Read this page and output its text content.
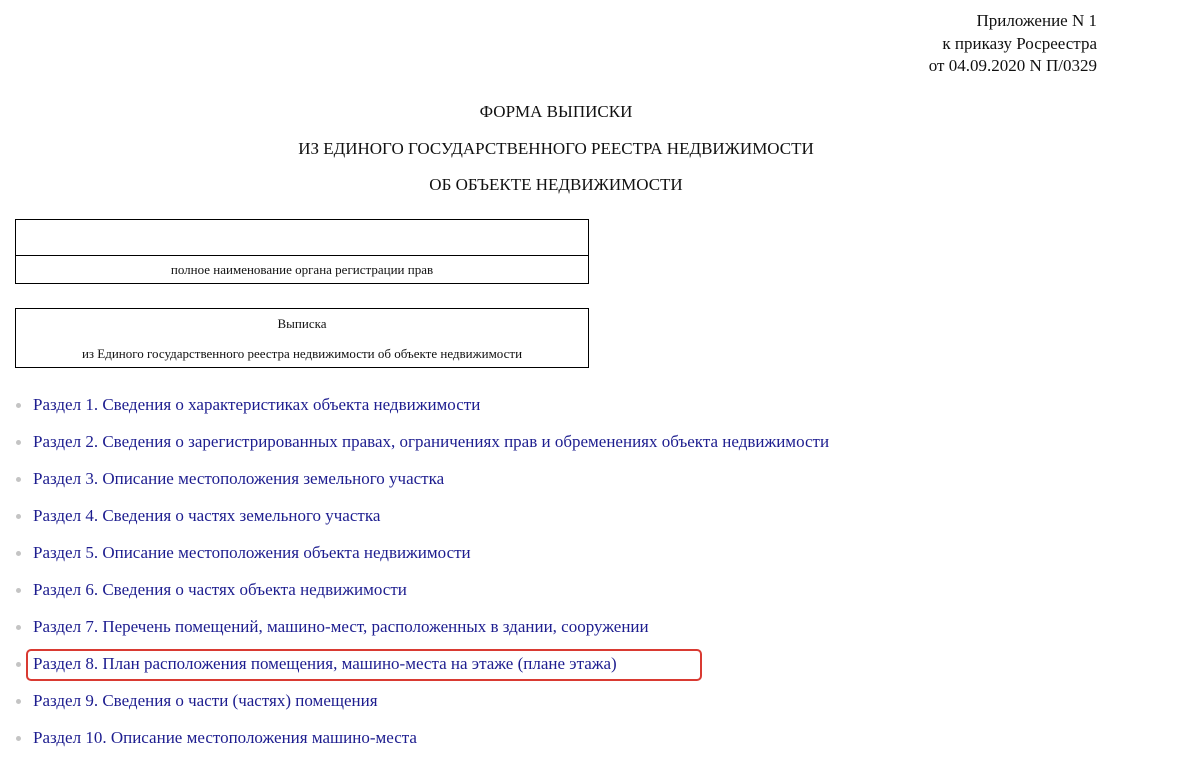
Приложение N 1
к приказу Росреестра
от 04.09.2020 N П/0329
ФОРМА ВЫПИСКИ
ИЗ ЕДИНОГО ГОСУДАРСТВЕННОГО РЕЕСТРА НЕДВИЖИМОСТИ
ОБ ОБЪЕКТЕ НЕДВИЖИМОСТИ
полное наименование органа регистрации прав
Выписка
из Единого государственного реестра недвижимости об объекте недвижимости
Раздел 1. Сведения о характеристиках объекта недвижимости
Раздел 2. Сведения о зарегистрированных правах, ограничениях прав и обременениях объекта недвижимости
Раздел 3. Описание местоположения земельного участка
Раздел 4. Сведения о частях земельного участка
Раздел 5. Описание местоположения объекта недвижимости
Раздел 6. Сведения о частях объекта недвижимости
Раздел 7. Перечень помещений, машино-мест, расположенных в здании, сооружении
Раздел 8. План расположения помещения, машино-места на этаже (плане этажа)
Раздел 9. Сведения о части (частях) помещения
Раздел 10. Описание местоположения машино-места
